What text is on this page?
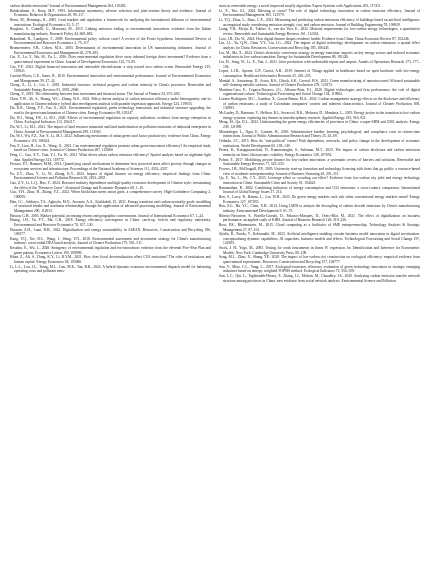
carbon dioxide emissions? Journal of Environmental Management 264, 110482.

Balakrishnan, S., Koza, M.P., 1993. Information asymmetry, adverse selection and joint-venture theory and evidence. Journal of Economic Behavior & Organization 20, 99–117.

Beise, M., Rennings, K., 2005. Lead markets and regulation: a framework for analyzing the international diffusion of environmental innovations. Ecological Economics 52, 5–17.

Borghesi, S., Cainelli, G., Mazzanti, M., 2015. Linking emission trading to environmental innovation: evidence from the Italian manufacturing industry. Research Policy 44, 669–683.

Brännlund, R., Lundgren, T., 2009. Environmental policy without costs? A review of the Porter hypothesis. International Review of Environmental and Resource Economics 3, 75–117.

Brunnermeier, S.B., Cohen, M.A., 2003. Determinants of environmental innovation in US manufacturing industries. Journal of Environmental Economics and Management 45, 278–293.

Cai, X., Lu, Y., Wu, M., Yu, L., 2016. Does environmental regulation drive away inbound foreign direct investment? Evidence from a quasi-natural experiment in China. Journal of Development Economics 123, 73–85.

Cao, F.F., 2022. Digital financial innovation and renewable electrification: a step toward zero carbon ocean. Renewable Energy 215, 118921.

Carrión-Flores, C.E., Innes, R., 2010. Environmental innovation and environmental performance. Journal of Environmental Economics and Management 59, 27–42.

Cheng, Z., Li, L., Liu, J., 2018. Industrial structure, technical progress and carbon intensity in China's provinces. Renewable and Sustainable Energy Reviews 81, 2935–2946.

Cheng, Y., 2019. The relationship between firm investment and financial status. The Journal of Finance 54, 673–692.

Chen, Y.W., Ali, S., Huang, W.C., Zhang, W.S., 2022. Policy-driven analysis of carbon emission efficiency under heterogeneity and its application in Chinese industry: hybrid data envelopment analysis with quantile regression approach. Energy 224, 119033.

Du, K.R., Cheng, Y.Y., Yao, X., 2021. Environmental regulation, green technology innovation, and industrial structure upgrading: the road to the green transformation of Chinese cities. Energy Economics 98, 105247.

Du, W.J., Wang, F.R., Li, M.J., 2020. Effects of environmental regulation on capacity utilization: evidence from energy enterprises in China. Ecological Indicators 113, 106217.

Du, W.J., Li, M.J., 2021. The impact of land resource mismatch and land marketization on pollution emissions of industrial enterprises in China. Journal of Environmental Management 299, 113565.

Du, W.J., Wu, F.Z., Xie, Y., Li, M.J., 2022. Influencing mechanism of urban green total factor productivity: evidence from China. Energy Economics 118, 106424.

Fan, F., Lian, H., Liu, X., Wang, X., 2021. Can environmental regulation promote urban green innovation efficiency? An empirical study based on Chinese cities. Journal of Cleaner Production 287, 125060.

Feng, C., Gao, X.Y., Tian, Y.J., Fu, W., 2021. What drives urban carbon emission efficiency? Spatial analysis based on nighttime light data. Applied Energy 312, 118772.

Ferraro, P.J., Hanauer, M.M., 2014. Quantifying causal mechanisms to determine how protected areas affect poverty through changes in ecosystem services and infrastructure. Proceedings of the National Academy of Sciences 111, 4332–4337.

Fu, Z.T., Zhou, Y., Li, W., Zhong, K.Y., 2023. Impact of digital finance on energy efficiency: empirical findings from China. Environmental Science and Pollution Research 30, 2813–2835.

Gao, Z.Y., Li, L.Q., Hao, Y., 2024. Resource industry dependence and high-quality economic development of Chinese style: reexamining the effect of the "Resource Curse". Structural Change and Economic Dynamics 68, 1–16.

Guo, Y.H., Zhao, H., Zhang, Y.Z., 2022. When blockchain meets smart grids: a comprehensive survey. High-Confidence Computing 2, 100059.

Han, J.C., Adebayo, T.S., Agboola, M.O., Awosusi, A.A., Kirikkaleli, D., 2021. Energy transition and carbon neutrality goals: modelling of structural breaks and nonlinear relationships through the application of advanced processing modelling. Journal of Environmental Management 290, 112613.

Hassan, G.H., 2005. Market potential, increasing returns and geographic concentration. Journal of International Economics 67, 1–24.

Huang, J.H., Yu, Y.T., Ma, C.B., 2018. Energy efficiency convergence in China: catch-up, lock-in and regulatory uniformity. Environmental and Resource Economics 70, 107–130.

Hussain, Z.H., Luan, B.H., 2022. Digitalization and energy sustainability in ASEAN. Resources, Conservation and Recycling 186, 106577.

Kang, Y.Q., Xie, B.C., Wang, J., Wang, Y.N., 2018. Environmental assessment and investment strategy for China's manufacturing industry: a non-radial DEA based analysis. Journal of Cleaner Production 175, 501–511.

Kesidou, E., Wu, L., 2020. Stringency of environmental regulation and eco-innovation: evidence from the eleventh Five-Year Plan and green patents. Economics Letters 190, 109090.

Khan, Z., Ali, S., Dong, K.Y., Li, R.Y.M., 2021. How does fiscal decentralization affect CO2 emissions? The roles of institutions and human capital. Energy Economics 94, 105060.

Li, L.L., Lou, J.L., Tseng, M.L., Lim, M.K., Tan, R.R., 2022. A hybrid dynamic economic environmental dispatch model for balancing operating costs and pollutant emis-

sions in renewable energy: a novel improved mayfly algorithm. Expert Systems with Applications 203, 117411.

Li, X., Yue, S.J., 2024. Blessing or curse? The role of digital technology innovation in carbon emission efficiency. Journal of Environmental Management 365, 121579.

Li, Y.Q., Zhou, L., Zhao, C.X., 2023. Measuring and predicting carbon emissions efficiency of buildings based on artificial intelligence: an empirical study considering emission strength, cost, and carbon emission. Journal of Building Engineering 78, 106929.

Liang, Y.H., Kleijn, R., Tukker, A., van der Voet, E., 2022. Material requirements for low-carbon energy technologies: a quantitative review. Renewable and Sustainable Energy Reviews 161, 112334.

Liao, J.B., Du, W., 2024. How digital finance shapes residents' health: Evidence from China. China Economic Review 87, 102246.

Lin, J.L., Yu, Q.W., Chen, Y.Y., Liu, J.G., 2022. The impact of digital technology development on carbon emissions: a spatial effect analysis for China. Resources, Conservation and Recycling 185, 106445.

Liu, M., Ma, X., 2024. China's electricity conversion strategy in energy transition: impacts on key energy sectors and induced economic imbalances in low-carbon transition. Energy for Sustainable Development 80, 101426.

Liu, H., Song, W., Li, X., Yan, J., 2021. Joint production with undesirable inputs and outputs. Annals of Operations Research 173, 177–194.

Lopez, L.J.R., Aponte, G.P., Garcia, A.R., 2019. Internet of Things applied in healthcare based on open hardware with low-energy consumption. Healthcare Informatics Research 25, 230–235.

Mandal, S., Saravanan, D., Arora, R.S., Ghosh, S.K., Grewal, H.S., 2021. Green manufacturing of nanostructured Al-based sustainable self-cleaning metallic surfaces. Journal of Cleaner Production 278, 123373.

Martínez-Caro, E., Cegarra-Navarro, J.G., Alfonso-Ruiz, F.J., 2020. Digital technologies and firm performance: the role of digital organisational culture. Technological Forecasting and Social Change 154, 119962.

Lozano-Rodríguez, M.C., Gamboa, X., García-Benau, M.A., 2022. Carbon management strategy effects on the disclosure and efficiency of carbon emissions: a study of Colombian companies' context and inherent characteristics. Journal of Cleaner Production 368, 132893.

McCauley, D., Ramasar, V., Heffron, R.J., Sovacool, B.K., Mebratu, D., Mundaca, L., 2019. Energy justice in the transition to low-carbon energy systems: exploring key themes in interdisciplinary research. Applied Energy 233, 916–921.

Meng, M., Qu, D.L., 2022. Understanding the green energy efficiencies of provinces in China: a super-SBM and GML analysis. Energy 239, 121989.

Montealegre, L., Ngai, E., Carmen, H., 2016. Administrative burden: learning, psychological, and compliance costs in citizen-state interactions. Journal of Public Administration Research and Theory 25, 43–69.

Oribadu, J.C., 2015. How do "non-political" issues? Path dependence, networks, and policy change in the development of economic institutions. World Development 65, 138–149.

Perera, K., Kuruppuarachchi, D., Kumarasinghe, S., Suleman, M.T., 2023. The impact of carbon disclosure and carbon emissions intensity on firms' idiosyncratic volatility. Energy Economics 128, 107053.

Polzin, F., 2017. Mobilizing private finance for low-carbon innovation: a systematic review of barriers and solutions. Renewable and Sustainable Energy Reviews 77, 525–535.

Powers, J.B., McDougall, P.P., 2005. University start-up formation and technology licensing with firms that go public: a resource-based view of academic entrepreneurship. Journal of Business Venturing 20, 291–311.

Qu, F., Xu, L., He, C.Y., 2023. Leverage effect or crowding out effect? Evidence from low-carbon city pilot and energy technology innovation in China. Sustainable Cities and Society 91, 104423.

Ramanathan, R., 2002. Combining indicators of energy consumption and CO2 emissions: a cross-country comparison. International Journal of Global Energy Issues 17, 214.

Ren, S., Lorry, R., Ramm, L., Lin, W.H., 2023. Do green energy markets curb risk when conventional energy markets mean? Energy Economics 127, 107035.

Ren, S.G., Hu, Y.C., Chen, X.H., 2014. Using LMDI to analyze the decoupling of carbon dioxide emissions by China's manufacturing industry. Environmental Development 9, 61–75.

Ribeiro-Navarrete, S., Botella-Carrubi, D., Palacios-Marqués, D., Orero-Blat, M., 2021. The effect of digitalization on business performance: an applied study of KIBS. Journal of Business Research 126, 319–326.

Ross, P.K., Blumenstein, M., 2015. Cloud computing as a facilitator of SME entrepreneurship. Technology Analysis & Strategic Management 27, 87–101.

Sjödin, D., Parida, V., Kohtamäki, M., 2023. Artificial intelligence enabling circular business model innovation in digital servitization: conceptualizing dynamic capabilities, AI capacities, business models and effects. Technological Forecasting and Social Change 197, 122903.

Stock, J. H., Yogo, M., 2005. Testing for weak instruments in linear IV regression. In: Identification and Inference for Econometric Models. New York: Cambridge University Press, 80–108.

Song, M.L., Zhao, X., Shang, Y.P., 2020. The impact of low-carbon city construction on ecological efficiency: empirical evidence from quasi-natural experiments. Resources, Conservation and Recycling 157, 104777.

Sun, Y., Miao, C.L., Yang, L., 2017. Ecological-economic efficiency evaluation of green technology innovation in strategic emerging industries based on entropy weighted TOPSIS method. Ecological Indicators 73, 554–558.

Sun, L.C., Qin, L., Taghizadeh-Hesary, F., Zhang, J.J., Mohsin, M., Chaudhry, I.S., 2020. Analyzing carbon emission transfer network structure among provinces in China: new evidence from social network analysis. Environmental Science and Pollution
